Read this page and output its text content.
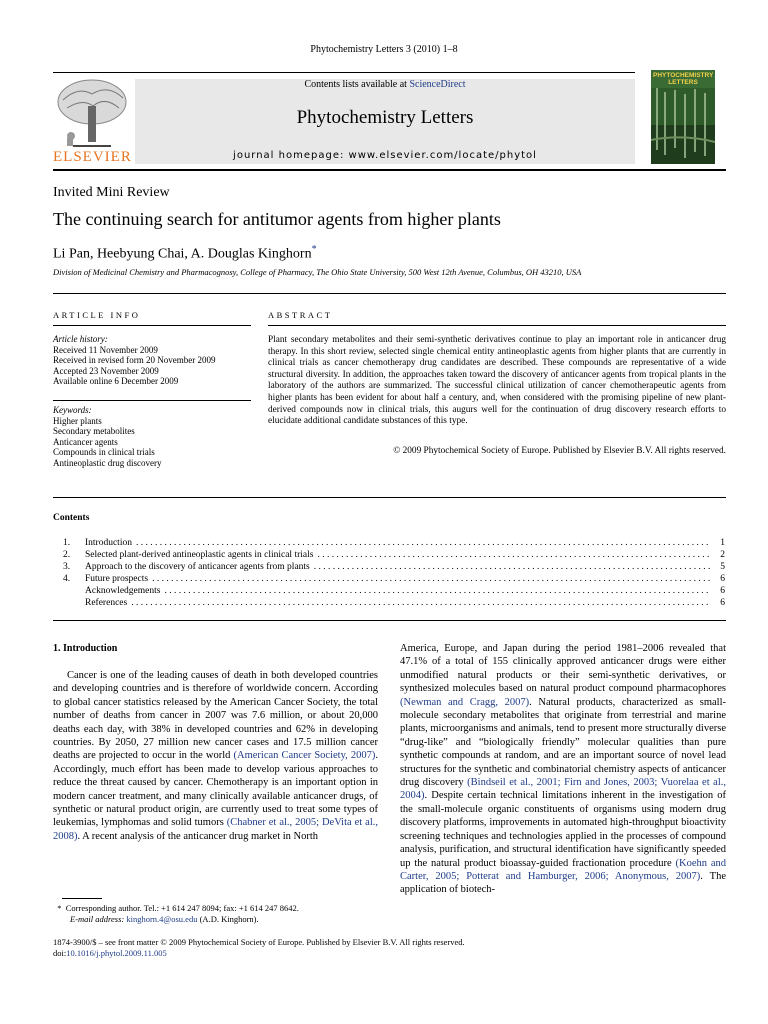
Phytochemistry Letters 3 (2010) 1–8
ELSEVIER
Contents lists available at ScienceDirect
Phytochemistry Letters
journal homepage: www.elsevier.com/locate/phytol
PHYTOCHEMISTRY LETTERS
Invited Mini Review
The continuing search for antitumor agents from higher plants
Li Pan, Heebyung Chai, A. Douglas Kinghorn*
Division of Medicinal Chemistry and Pharmacognosy, College of Pharmacy, The Ohio State University, 500 West 12th Avenue, Columbus, OH 43210, USA
ARTICLE INFO
Article history:
Received 11 November 2009
Received in revised form 20 November 2009
Accepted 23 November 2009
Available online 6 December 2009
Keywords:
Higher plants
Secondary metabolites
Anticancer agents
Compounds in clinical trials
Antineoplastic drug discovery
ABSTRACT
Plant secondary metabolites and their semi-synthetic derivatives continue to play an important role in anticancer drug therapy. In this short review, selected single chemical entity antineoplastic agents from higher plants that are currently in clinical trials as cancer chemotherapy drug candidates are described. These compounds are representative of a wide structural diversity. In addition, the approaches taken toward the discovery of anticancer agents from tropical plants in the laboratory of the authors are summarized. The successful clinical utilization of cancer chemotherapeutic agents from higher plants has been evident for about half a century, and, when considered with the promising pipeline of new plant-derived compounds now in clinical trials, this augurs well for the continuation of drug discovery research efforts to elucidate additional candidate substances of this type.
© 2009 Phytochemical Society of Europe. Published by Elsevier B.V. All rights reserved.
Contents
1.	Introduction . . .	1
2.	Selected plant-derived antineoplastic agents in clinical trials . . .	2
3.	Approach to the discovery of anticancer agents from plants . . .	5
4.	Future prospects . . .	6
Acknowledgements . . .	6
References . . .	6
1. Introduction

Cancer is one of the leading causes of death in both developed countries and developing countries and is therefore of worldwide concern. According to global cancer statistics released by the American Cancer Society, the total number of deaths from cancer in 2007 was 7.6 million, or about 20,000 deaths each day, with 38% in developed countries and 62% in developing countries. By 2050, 27 million new cancer cases and 17.5 million cancer deaths are projected to occur in the world (American Cancer Society, 2007). Accordingly, much effort has been made to develop various approaches to reduce the threat caused by cancer. Chemotherapy is an important option in modern cancer treatment, and many clinically available anticancer drugs, of synthetic or natural product origin, are currently used to treat some types of leukemias, lymphomas and solid tumors (Chabner et al., 2005; DeVita et al., 2008). A recent analysis of the anticancer drug market in North

America, Europe, and Japan during the period 1981–2006 revealed that 47.1% of a total of 155 clinically approved anticancer drugs were either unmodified natural products or their semi-synthetic derivatives, or synthesized molecules based on natural product compound pharmacophores (Newman and Cragg, 2007). Natural products, characterized as small-molecule secondary metabolites that originate from terrestrial and marine plants, microorganisms and animals, tend to present more structurally diverse “drug-like” and “biologically friendly” molecular qualities than pure synthetic compounds at random, and are an important source of novel lead structures for the synthetic and combinatorial chemistry aspects of anticancer drug discovery (Bindseil et al., 2001; Firn and Jones, 2003; Vuorelaa et al., 2004). Despite certain technical limitations inherent in the investigation of the small-molecule organic constituents of organisms using modern drug discovery platforms, improvements in automated high-throughput bioactivity screening techniques and technologies applied in the processes of compound analysis, purification, and structural identification have significantly speeded up the natural product bioassay-guided fractionation procedure (Koehn and Carter, 2005; Potterat and Hamburger, 2006; Anonymous, 2007). The application of biotech-
*  Corresponding author. Tel.: +1 614 247 8094; fax: +1 614 247 8642.
E-mail address: kinghorn.4@osu.edu (A.D. Kinghorn).
1874-3900/$ – see front matter © 2009 Phytochemical Society of Europe. Published by Elsevier B.V. All rights reserved.
doi:10.1016/j.phytol.2009.11.005
